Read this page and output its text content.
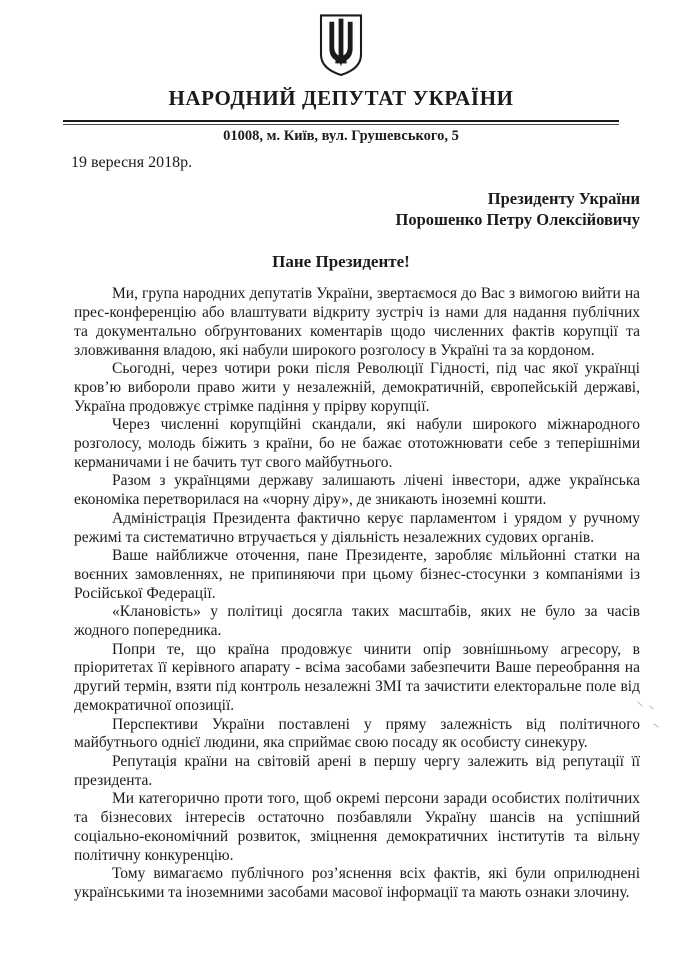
НАРОДНИЙ ДЕПУТАТ УКРАЇНИ
01008, м. Київ, вул. Грушевського, 5
19 вересня 2018р.
Президенту України
Порошенко Петру Олексійовичу
Пане Президенте!

Ми, група народних депутатів України, звертаємося до Вас з вимогою вийти на прес-конференцію або влаштувати відкриту зустріч із нами для надання публічних та документально обґрунтованих коментарів щодо численних фактів корупції та зловживання владою, які набули широкого розголосу в Україні та за кордоном.

Сьогодні, через чотири роки після Революції Гідності, під час якої українці кров’ю вибороли право жити у незалежній, демократичній, європейській державі, Україна продовжує стрімке падіння у прірву корупції.

Через численні корупційні скандали, які набули широкого міжнародного розголосу, молодь біжить з країни, бо не бажає ототожнювати себе з теперішніми керманичами і не бачить тут свого майбутнього.

Разом з українцями державу залишають лічені інвестори, адже українська економіка перетворилася на «чорну діру», де зникають іноземні кошти.

Адміністрація Президента фактично керує парламентом і урядом у ручному режимі та систематично втручається у діяльність незалежних судових органів.

Ваше найближче оточення, пане Президенте, заробляє мільйонні статки на воєнних замовленнях, не припиняючи при цьому бізнес-стосунки з компаніями із Російської Федерації.

«Клановість» у політиці досягла таких масштабів, яких не було за часів жодного попередника.

Попри те, що країна продовжує чинити опір зовнішньому агресору, в пріоритетах її керівного апарату - всіма засобами забезпечити Ваше переобрання на другий термін, взяти під контроль незалежні ЗМІ та зачистити електоральне поле від демократичної опозиції.

Перспективи України поставлені у пряму залежність від політичного майбутнього однієї людини, яка сприймає свою посаду як особисту синекуру.

Репутація країни на світовій арені в першу чергу залежить від репутації її президента.

Ми категорично проти того, щоб окремі персони заради особистих політичних та бізнесових інтересів остаточно позбавляли Україну шансів на успішний соціально-економічний розвиток, зміцнення демократичних інститутів та вільну політичну конкуренцію.

Тому вимагаємо публічного роз’яснення всіх фактів, які були оприлюднені українськими та іноземними засобами масової інформації та мають ознаки злочину.
